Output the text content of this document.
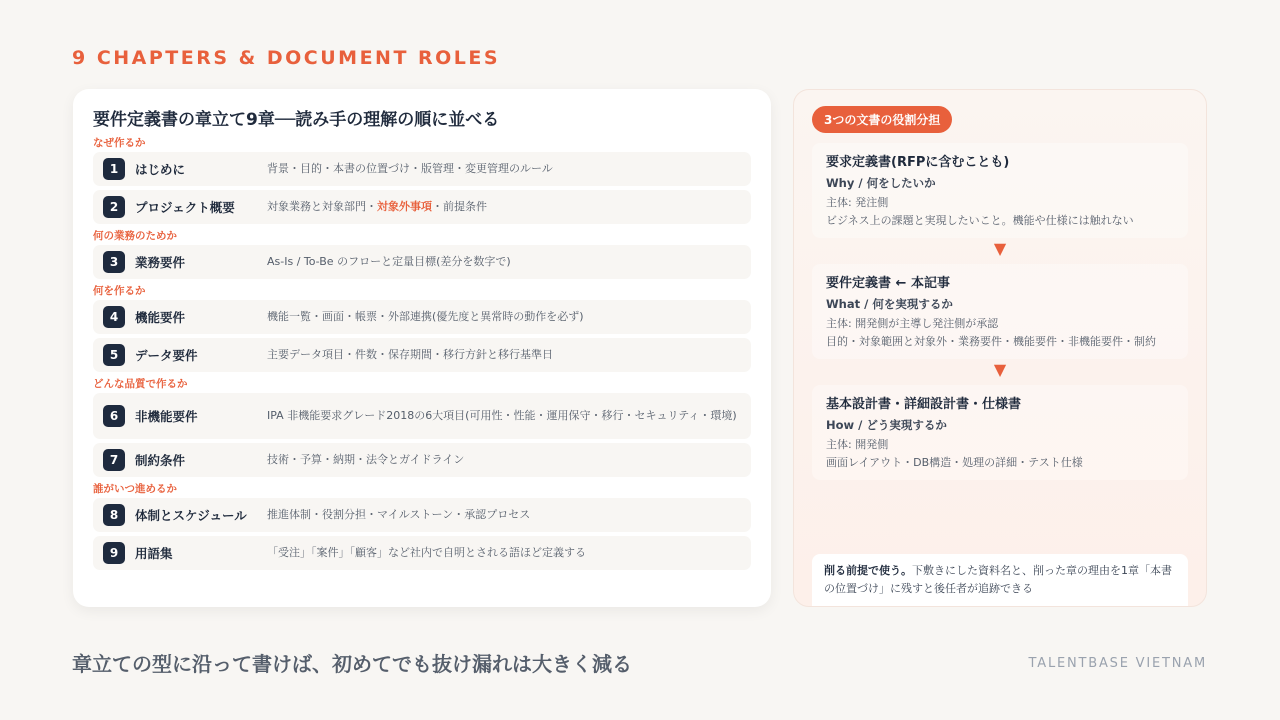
9 CHAPTERS & DOCUMENT ROLES
要件定義書の章立て9章──読み手の理解の順に並べる
なぜ作るか
1	はじめに	背景・目的・本書の位置づけ・版管理・変更管理のルール
2	プロジェクト概要	対象業務と対象部門・対象外事項・前提条件
何の業務のためか
3	業務要件	As-Is / To-Be のフローと定量目標(差分を数字で)
何を作るか
4	機能要件	機能一覧・画面・帳票・外部連携(優先度と異常時の動作を必ず)
5	データ要件	主要データ項目・件数・保存期間・移行方針と移行基準日
どんな品質で作るか
6	非機能要件	IPA 非機能要求グレード2018の6大項目(可用性・性能・運用保守・移行・セキュリティ・環境)
7	制約条件	技術・予算・納期・法令とガイドライン
誰がいつ進めるか
8	体制とスケジュール	推進体制・役割分担・マイルストーン・承認プロセス
9	用語集	「受注」「案件」「顧客」など社内で自明とされる語ほど定義する
3つの文書の役割分担
要求定義書(RFPに含むことも)
Why / 何をしたいか
主体: 発注側
ビジネス上の課題と実現したいこと。機能や仕様には触れない
▼
要件定義書 ← 本記事
What / 何を実現するか
主体: 開発側が主導し発注側が承認
目的・対象範囲と対象外・業務要件・機能要件・非機能要件・制約
▼
基本設計書・詳細設計書・仕様書
How / どう実現するか
主体: 開発側
画面レイアウト・DB構造・処理の詳細・テスト仕様
削る前提で使う。下敷きにした資料名と、削った章の理由を1章「本書の位置づけ」に残すと後任者が追跡できる
章立ての型に沿って書けば、初めてでも抜け漏れは大きく減る	TALENTBASE VIETNAM
